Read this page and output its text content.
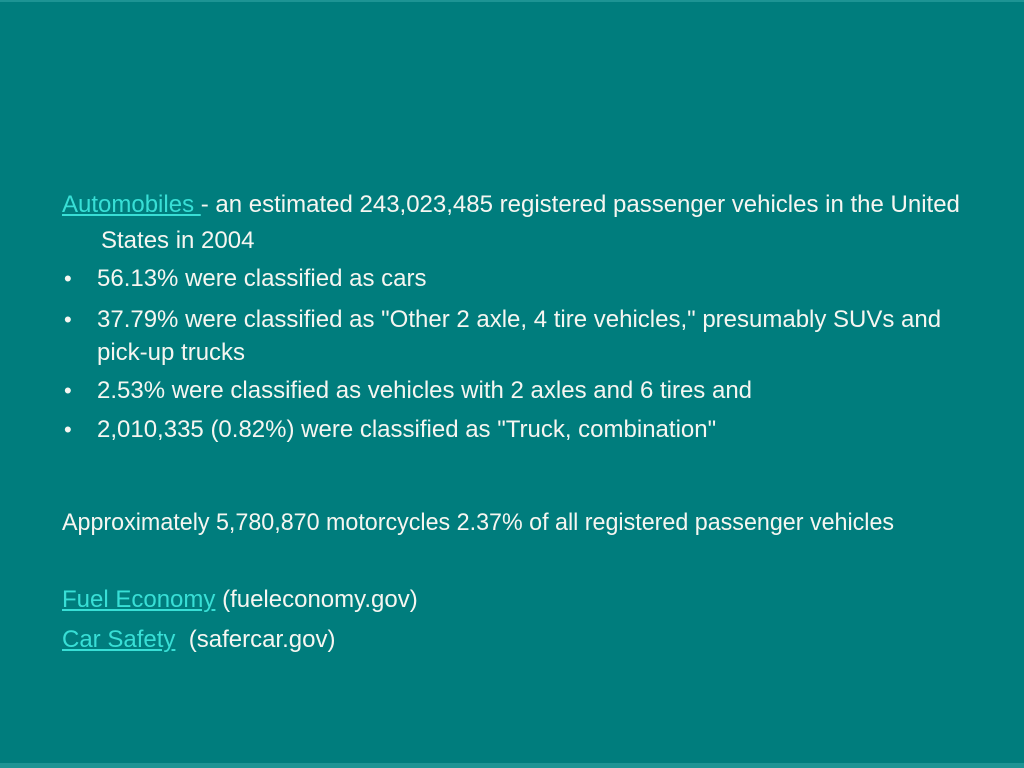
Automobiles - an estimated 243,023,485 registered passenger vehicles in the United States in 2004

• 56.13% were classified as cars
• 37.79% were classified as "Other 2 axle, 4 tire vehicles," presumably SUVs and pick-up trucks
• 2.53% were classified as vehicles with 2 axles and 6 tires and
• 2,010,335 (0.82%) were classified as "Truck, combination"

Approximately 5,780,870 motorcycles 2.37% of all registered passenger vehicles

Fuel Economy (fueleconomy.gov)

Car Safety  (safercar.gov)
